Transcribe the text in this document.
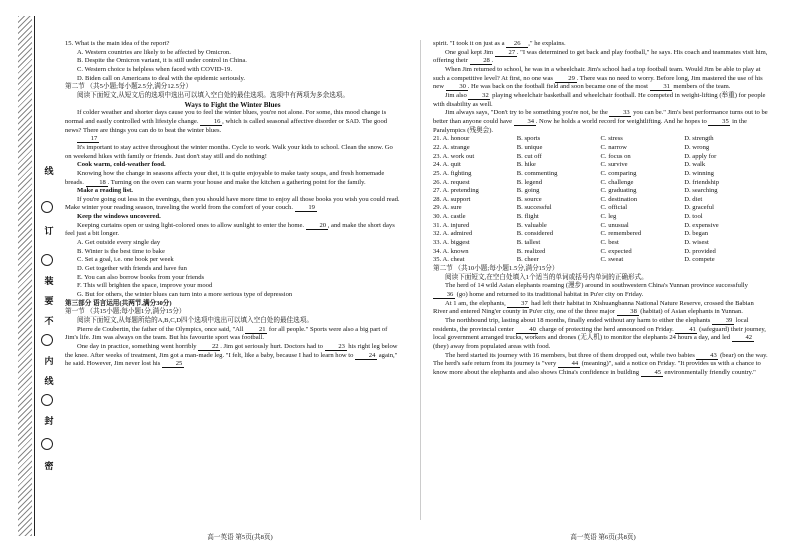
线
订
装
要
不
内
线
封
密

15. What is the main idea of the report?

A. Western countries are likely to be affected by Omicron.

B. Despite the Omicron variant, it is still under control in China.

C. Western choice is helpless when faced with COVID-19.

D. Biden call on Americans to deal with the epidemic seriously.

第二节 （共5小题;每小题2.5分,满分12.5分）

阅读下面短文,从短文后的选项中选出可以填入空白处的最佳选项。选项中有两项为多余选项。

Ways to Fight the Winter Blues

If colder weather and shorter days cause you to feel the winter blues, you're not alone. For some, this mood change is normal and easily controlled with lifestyle change. 16 , which is called seasonal affective disorder or SAD. The good news? There are things you can do to beat the winter blues.

17

It's important to stay active throughout the winter months. Cycle to work. Walk your kids to school. Clean the snow. Go on weekend hikes with family or friends. Just don't stay still and do nothing!

Cook warm, cold-weather food.

Knowing how the change in seasons affects your diet, it is quite enjoyable to make tasty soups, and fresh homemade breads. 18 . Turning on the oven can warm your house and make the kitchen a gathering point for the family.

Make a reading list.

If you're going out less in the evenings, then you should have more time to enjoy all those books you wish you could read. Make winter your reading season, traveling the world from the comfort of your couch. 19

Keep the windows uncovered.

Keeping curtains open or using light-colored ones to allow sunlight to enter the home. 20 , and make the short days feel just a bit longer.

A. Get outside every single day

B. Winter is the best time to bake

C. Set a goal, i.e. one book per week

D. Get together with friends and have fun

E. You can also borrow books from your friends

F. This will brighten the space, improve your mood

G. But for others, the winter blues can turn into a more serious type of depression

第三部分 语言运用(共两节,满分30分)

第一节 （共15小题;每小题1分,满分15分）

阅读下面短文,从每题所给的A,B,C,D四个选项中选出可以填入空白处的最佳选项。

Pierre de Coubertin, the father of the Olympics, once said, "All 21 for all people." Sports were also a big part of Jim's life. Jim was always on the team. But his favourite sport was football.

One day in practice, something went horribly 22 . Jim got seriously hurt. Doctors had to 23 his right leg below the knee. After weeks of treatment, Jim got a man-made leg. "I felt, like a baby, because I had to learn how to 24 again," he said. However, Jim never lost his 25

spirit. "I took it on just as a 26 ," he explains.

One goal kept Jim 27 . "I was determined to get back and play football," he says. His coach and teammates visit him, offering their 28 .

When Jim returned to school, he was in a wheelchair. Jim's school had a top football team. Would Jim be able to play at such a competitive level? At first, no one was 29 . There was no need to worry. Before long, Jim mastered the use of his new 30 . He was back on the football field and soon became one of the most 31 members of the team.

Jim also 32 playing wheelchair basketball and wheelchair football. He competed in weight-lifting (举重) for people with disability as well.

Jim always says, "Don't try to be something you're not, be the 33 you can be." Jim's best performance turns out to be better than anyone could have 34 . Now he holds a world record for weightlifting. And he hopes to 35 in the Paralympics (残奥会).

21. A. honour	B. sports	C. stress	D. strength
22. A. strange	B. unique	C. narrow	D. wrong
23. A. work out	B. cut off	C. focus on	D. apply for
24. A. quit	B. hike	C. survive	D. walk
25. A. fighting	B. commenting	C. comparing	D. winning
26. A. request	B. legend	C. challenge	D. friendship
27. A. pretending	B. going	C. graduating	D. searching
28. A. support	B. source	C. destination	D. diet
29. A. sure	B. successful	C. official	D. graceful
30. A. castle	B. flight	C. leg	D. tool
31. A. injured	B. valuable	C. unusual	D. expensive
32. A. admired	B. considered	C. remembered	D. began
33. A. biggest	B. tallest	C. best	D. wisest
34. A. known	B. realized	C. expected	D. provided
35. A. cheat	B. cheer	C. sweat	D. compete

第二节 （共10小题;每小题1.5分,满分15分）

阅读下面短文,在空白处填入1个适当的单词或括号内单词的正确形式。

The herd of 14 wild Asian elephants roaming (漫步) around in southwestern China's Yunnan province successfully 36 (go) home and returned to its traditional habitat in Pu'er city on Friday.

At 1 am, the elephants, 37 had left their habitat in Xishuangbanna National Nature Reserve, crossed the Babian River and entered Ning'er county in Pu'er city, one of the three major 38 (habitat) of Asian elephants in Yunnan.

The northbound trip, lasting about 18 months, finally ended without any harm to either the elephants 39 local residents, the provincial center 40 charge of protecting the herd announced on Friday. 41 (safeguard) their journey, local government arranged trucks, workers and drones (无人机) to monitor the elephants 24 hours a day, and led 42 (they) away from populated areas with food.

The herd started its journey with 16 members, but three of them dropped out, while two babies 43 (bear) on the way. The herd's safe return from its journey is "very 44 (meaning)", said a notice on Friday. "It provides us with a chance to know more about the elephants and also shows China's confidence in building 45 environmentally friendly country."

高一英语 第5页(共8页)	高一英语 第6页(共8页)
